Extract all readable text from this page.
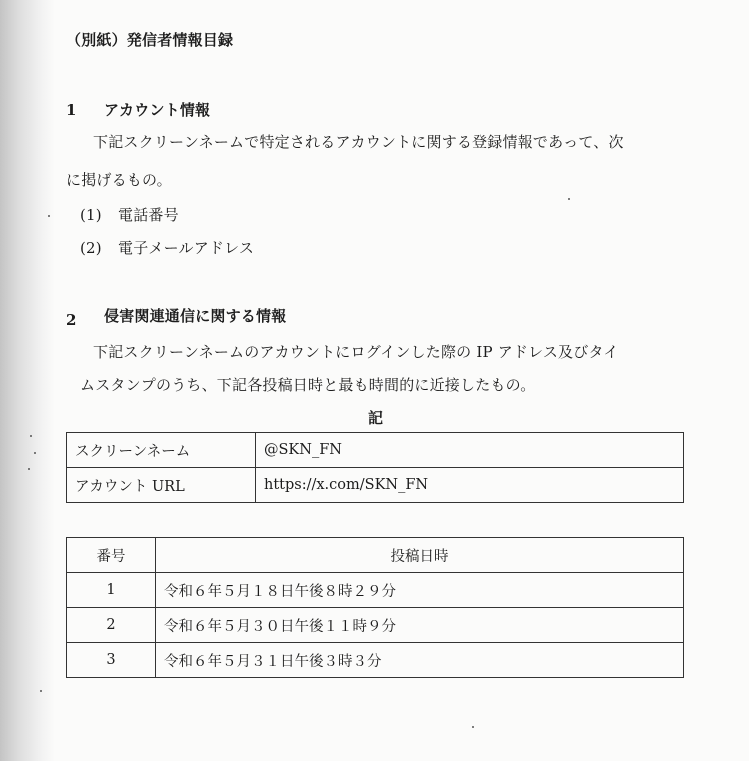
（別紙）発信者情報目録
1 アカウント情報
下記スクリーンネームで特定されるアカウントに関する登録情報であって、次
に掲げるもの。
(1) 電話番号
(2) 電子メールアドレス
2 侵害関連通信に関する情報
下記スクリーンネームのアカウントにログインした際の IP アドレス及びタイ
ムスタンプのうち、下記各投稿日時と最も時間的に近接したもの。
記
スクリーンネーム	@SKN_FN
アカウント URL	https://x.com/SKN_FN
番号	投稿日時
1	令和６年５月１８日午後８時２９分
2	令和６年５月３０日午後１１時９分
3	令和６年５月３１日午後３時３分
